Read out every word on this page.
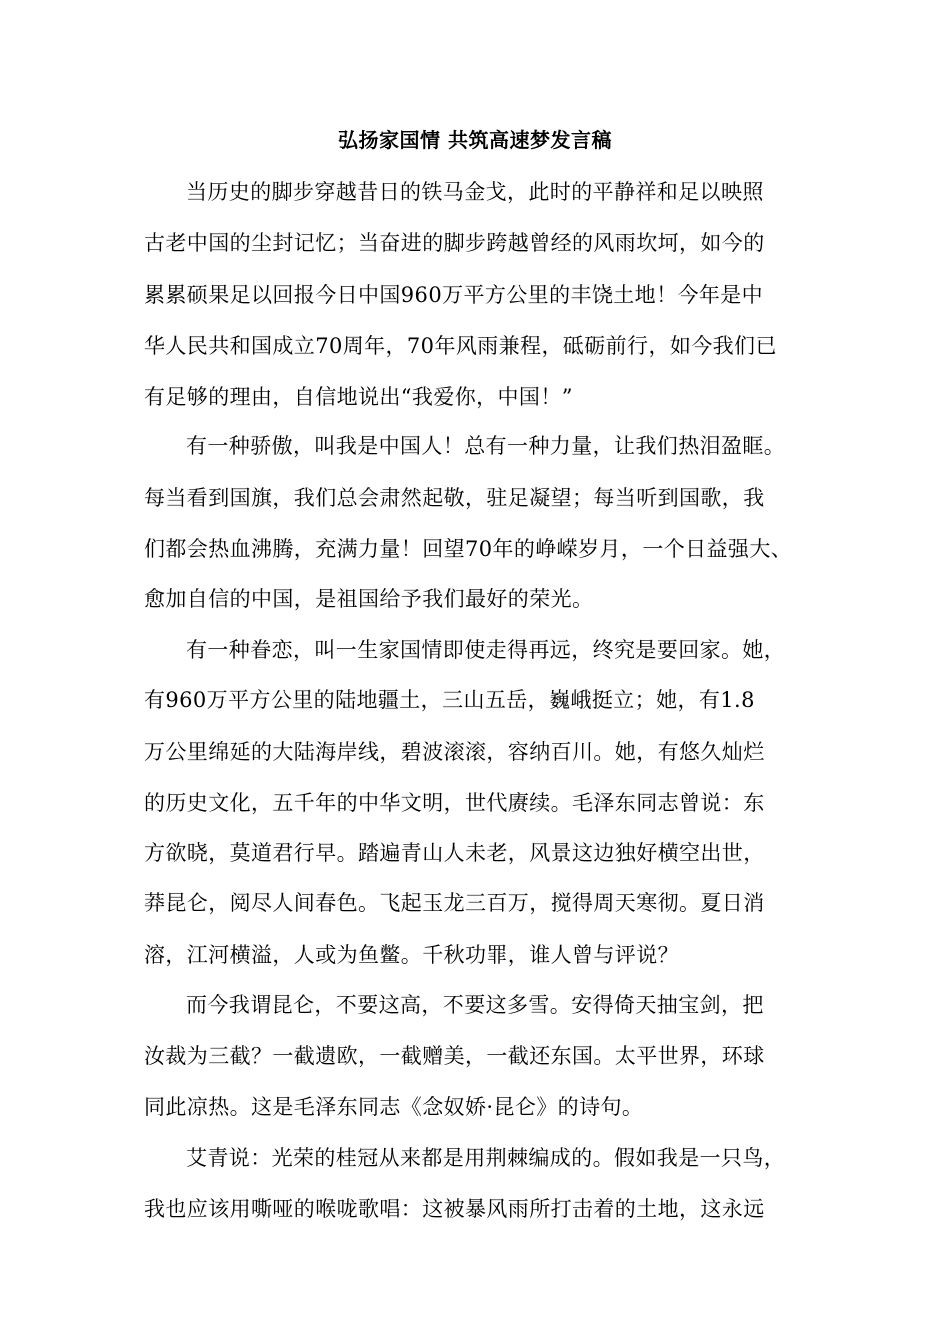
弘扬家国情 共筑高速梦发言稿
当历史的脚步穿越昔日的铁马金戈，此时的平静祥和足以映照
古老中国的尘封记忆；当奋进的脚步跨越曾经的风雨坎坷，如今的
累累硕果足以回报今日中国960万平方公里的丰饶土地！今年是中
华人民共和国成立70周年，70年风雨兼程，砥砺前行，如今我们已
有足够的理由，自信地说出“我爱你，中国！”
有一种骄傲，叫我是中国人！总有一种力量，让我们热泪盈眶。
每当看到国旗，我们总会肃然起敬，驻足凝望；每当听到国歌，我
们都会热血沸腾，充满力量！回望70年的峥嵘岁月，一个日益强大、
愈加自信的中国，是祖国给予我们最好的荣光。
有一种眷恋，叫一生家国情即使走得再远，终究是要回家。她，
有960万平方公里的陆地疆土，三山五岳，巍峨挺立；她，有1.8
万公里绵延的大陆海岸线，碧波滚滚，容纳百川。她，有悠久灿烂
的历史文化，五千年的中华文明，世代赓续。毛泽东同志曾说：东
方欲晓，莫道君行早。踏遍青山人未老，风景这边独好横空出世，
莽昆仑，阅尽人间春色。飞起玉龙三百万，搅得周天寒彻。夏日消
溶，江河横溢，人或为鱼鳖。千秋功罪，谁人曾与评说？
而今我谓昆仑，不要这高，不要这多雪。安得倚天抽宝剑，把
汝裁为三截？一截遗欧，一截赠美，一截还东国。太平世界，环球
同此凉热。这是毛泽东同志《念奴娇·昆仑》的诗句。
艾青说：光荣的桂冠从来都是用荆棘编成的。假如我是一只鸟，
我也应该用嘶哑的喉咙歌唱：这被暴风雨所打击着的土地，这永远
